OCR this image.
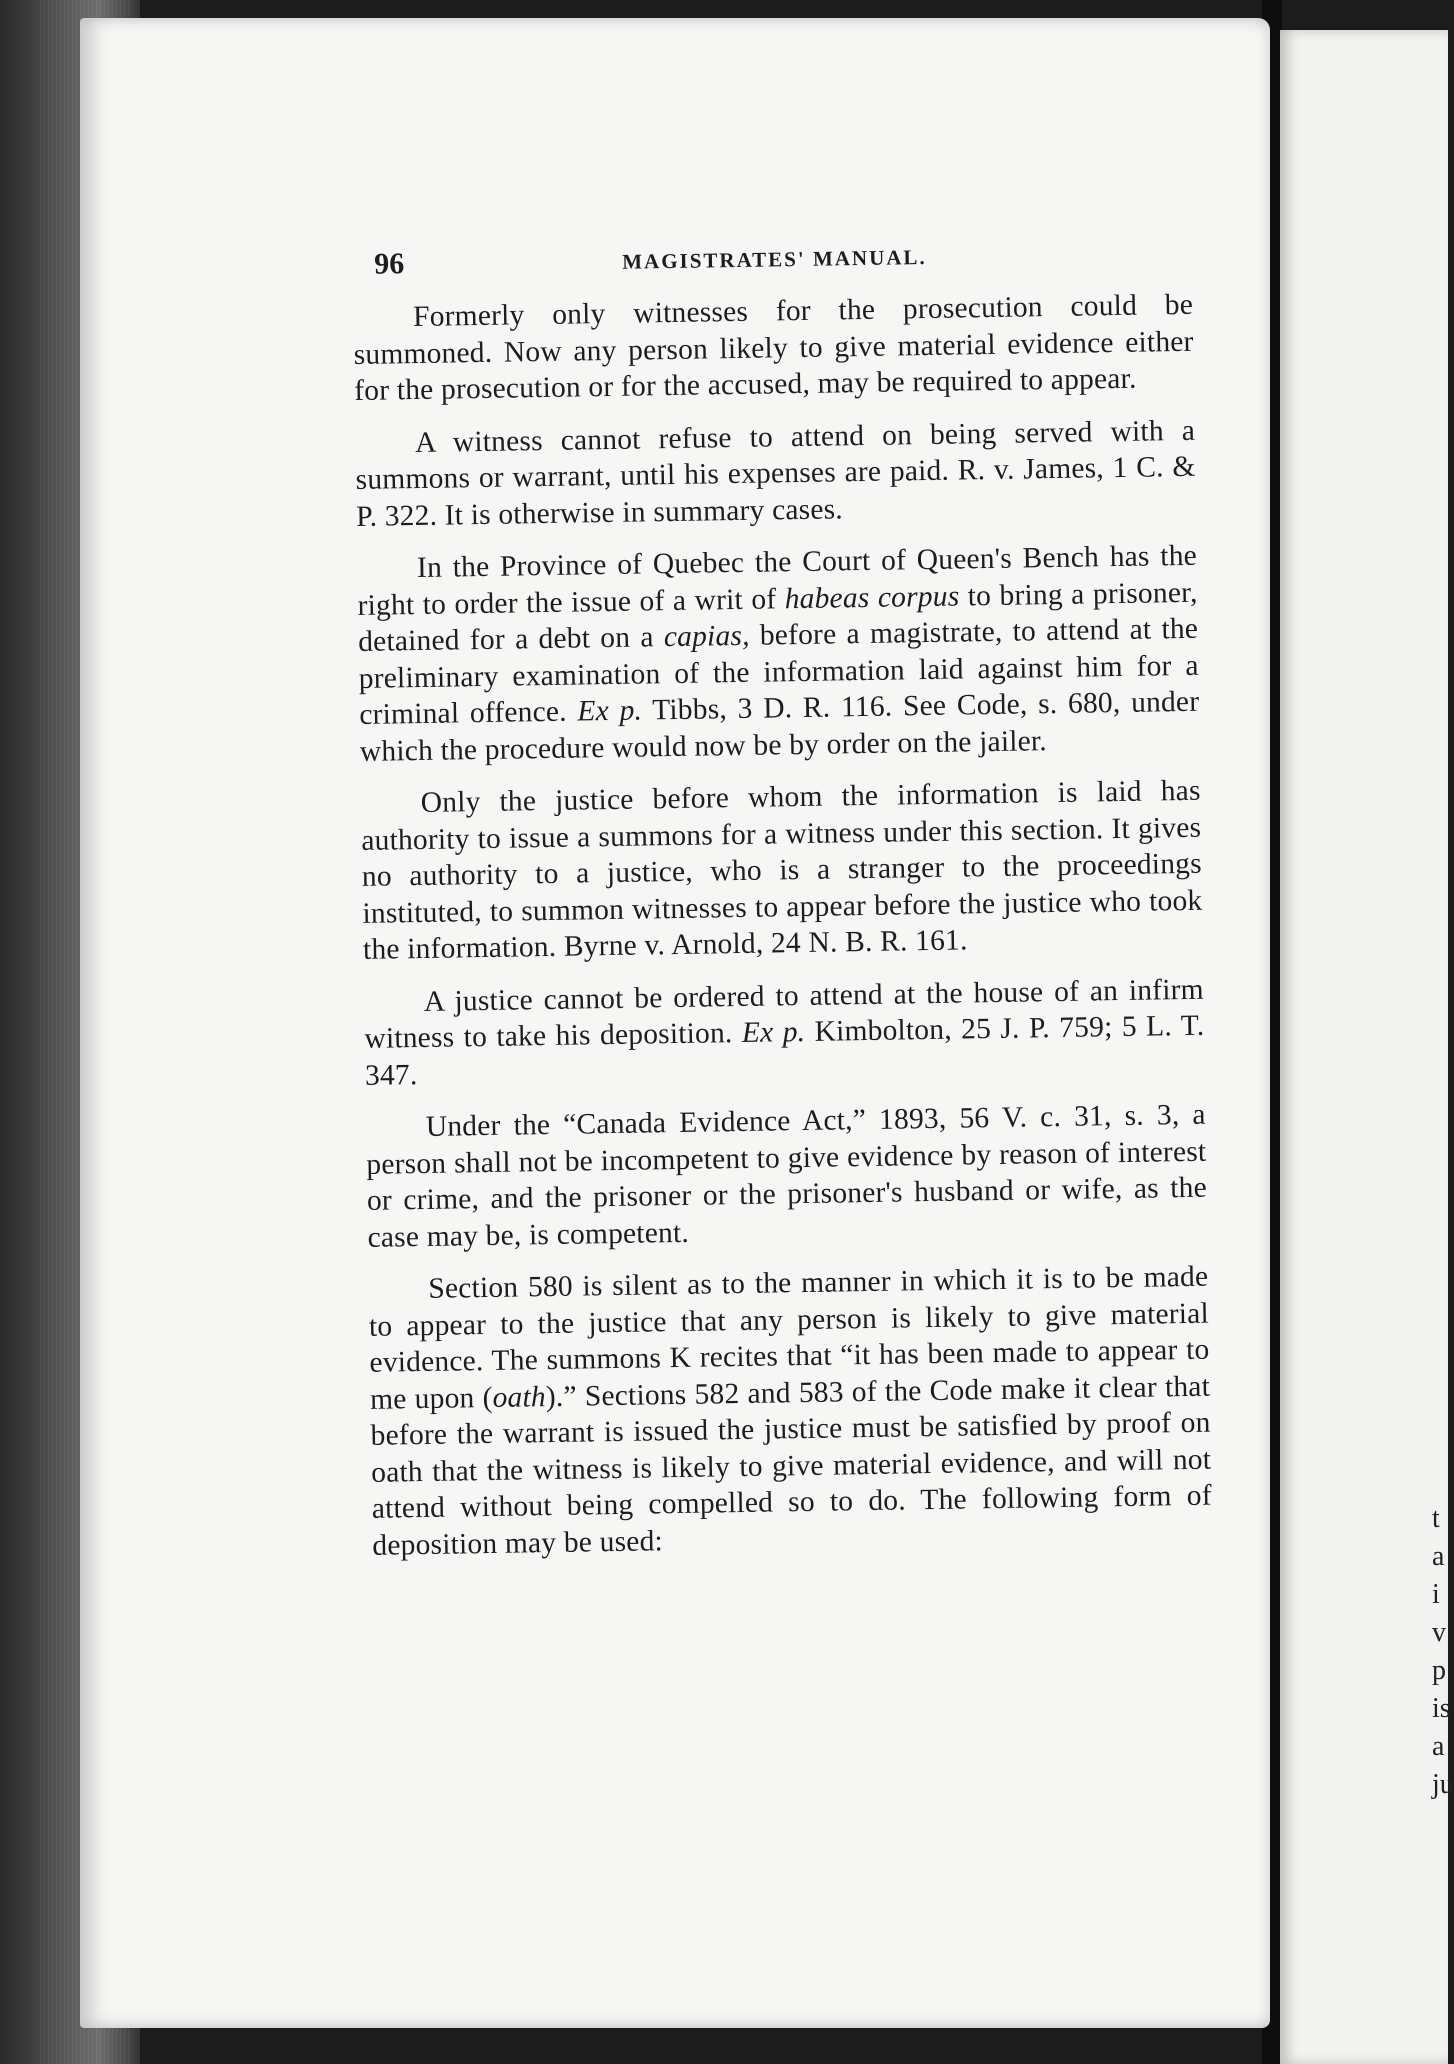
t
a
i
v
p
is
a
ju
96	MAGISTRATES' MANUAL.

Formerly only witnesses for the prosecution could be summoned. Now any person likely to give material evidence either for the prosecution or for the accused, may be required to appear.

A witness cannot refuse to attend on being served with a summons or warrant, until his expenses are paid. R. v. James, 1 C. & P. 322. It is otherwise in summary cases.

In the Province of Quebec the Court of Queen's Bench has the right to order the issue of a writ of habeas corpus to bring a prisoner, detained for a debt on a capias, before a magistrate, to attend at the preliminary examination of the information laid against him for a criminal offence. Ex p. Tibbs, 3 D. R. 116. See Code, s. 680, under which the procedure would now be by order on the jailer.

Only the justice before whom the information is laid has authority to issue a summons for a witness under this section. It gives no authority to a justice, who is a stranger to the proceedings instituted, to summon witnesses to appear before the justice who took the information. Byrne v. Arnold, 24 N. B. R. 161.

A justice cannot be ordered to attend at the house of an infirm witness to take his deposition. Ex p. Kimbolton, 25 J. P. 759; 5 L. T. 347.

Under the “Canada Evidence Act,” 1893, 56 V. c. 31, s. 3, a person shall not be incompetent to give evidence by reason of interest or crime, and the prisoner or the prisoner's husband or wife, as the case may be, is competent.

Section 580 is silent as to the manner in which it is to be made to appear to the justice that any person is likely to give material evidence. The summons K recites that “it has been made to appear to me upon (oath).” Sections 582 and 583 of the Code make it clear that before the warrant is issued the justice must be satisfied by proof on oath that the witness is likely to give material evidence, and will not attend without being compelled so to do. The following form of deposition may be used:
